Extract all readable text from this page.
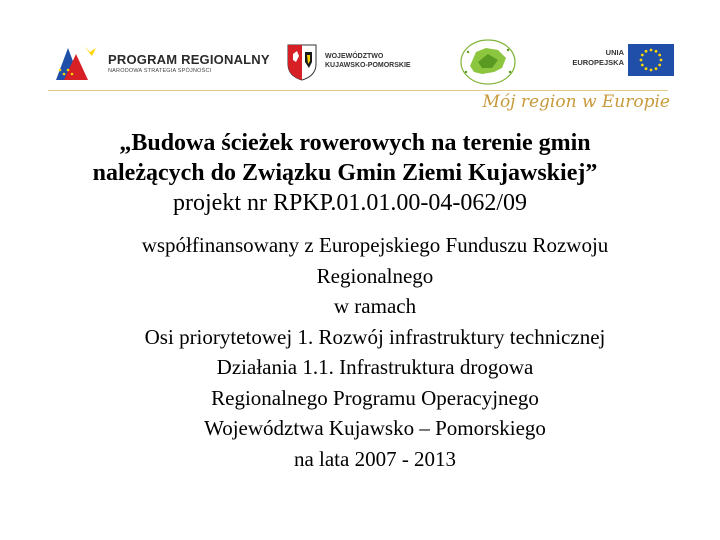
PROGRAM REGIONALNY
NARODOWA STRATEGIA SPÓJNOŚCI
WOJEWÓDZTWO
KUJAWSKO-POMORSKIE
UNIA
EUROPEJSKA
Mój region w Europie
„Budowa ścieżek rowerowych na terenie gmin
należących do Związku Gmin Ziemi Kujawskiej”
projekt nr RPKP.01.01.00-04-062/09
współfinansowany z Europejskiego Funduszu Rozwoju
Regionalnego
w ramach
Osi priorytetowej 1. Rozwój infrastruktury technicznej
Działania 1.1. Infrastruktura drogowa
Regionalnego Programu Operacyjnego
Województwa Kujawsko – Pomorskiego
na lata 2007 - 2013
